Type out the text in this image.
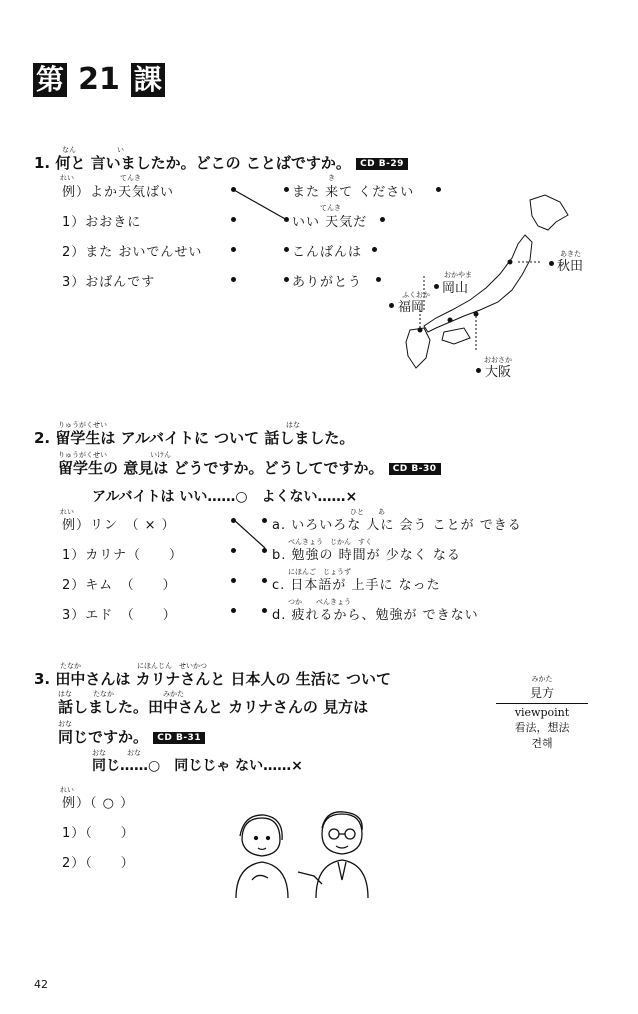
第 21 課
なん	い
1. 何と 言いましたか。どこの ことばですか。 CD B-29
れい	てんき	き
てんき
例）よか天気ばい
1）おおきに
2）また おいでんせい
3）おばんです
また 来て ください
いい 天気だ
こんばんは
ありがとう
あきた
秋田
おかやま
岡山
ふくおか
福岡
おおさか
大阪
りゅうがくせい	はな
2. 留学生は アルバイトに ついて 話しました。
りゅうがくせい	いけん
留学生の 意見は どうですか。どうしてですか。 CD B-30
アルバイトは いい……○　よくない……×
れい
例）リン　（ × ）
1）カリナ（　　）
2）キム　（　　）
3）エド　（　　）
ひと　　あ
べんきょう　じかん　すく
にほんご　じょうず
つか　　べんきょう
a. いろいろな 人に 会う ことが できる
b. 勉強の 時間が 少なく なる
c. 日本語が 上手に なった
d. 疲れるから、勉強が できない
たなか　　　　　　　　にほんじん　せいかつ
3. 田中さんは カリナさんと 日本人の 生活に ついて
はな　　　たなか　　　　　　　みかた
話しました。田中さんと カリナさんの 見方は
おな
同じですか。 CD B-31
おな　　　おな
同じ……○　同じじゃ ない……×
れい
例）（ ○ ）
1）（　　）
2）（　　）
みかた
見方
viewpoint
看法，想法
견해
42
